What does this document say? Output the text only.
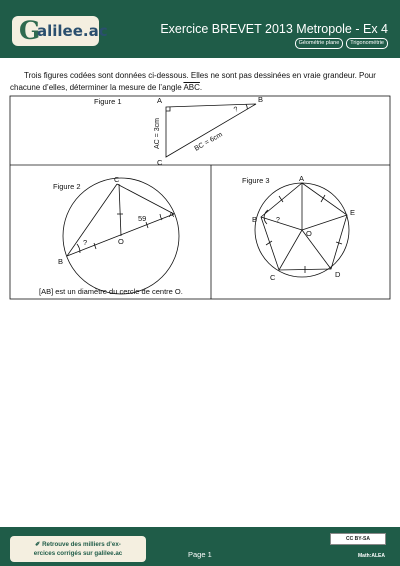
G
alilee.ac	Exercice BREVET 2013 Metropole - Ex 4
Géométrie plane	Trigonométrie

Trois figures codées sont données ci-dessous. Elles ne sont pas dessinées en vraie grandeur. Pour chacune d’elles, déterminer la mesure de l’angle $\overline{ABC}$.

Figure 1	A	B
C
?
AC = 3cm	BC = 6cm
Figure 2
C
A
B
O
59
?
[AB] est un diamètre du cercle de centre O.
Figure 3	A
E
D
C
B
O
?
✐ Retrouve des milliers d’ex-
ercices corrigés sur galilee.ac	Page 1
CC BY-SA
Math:ALEA
